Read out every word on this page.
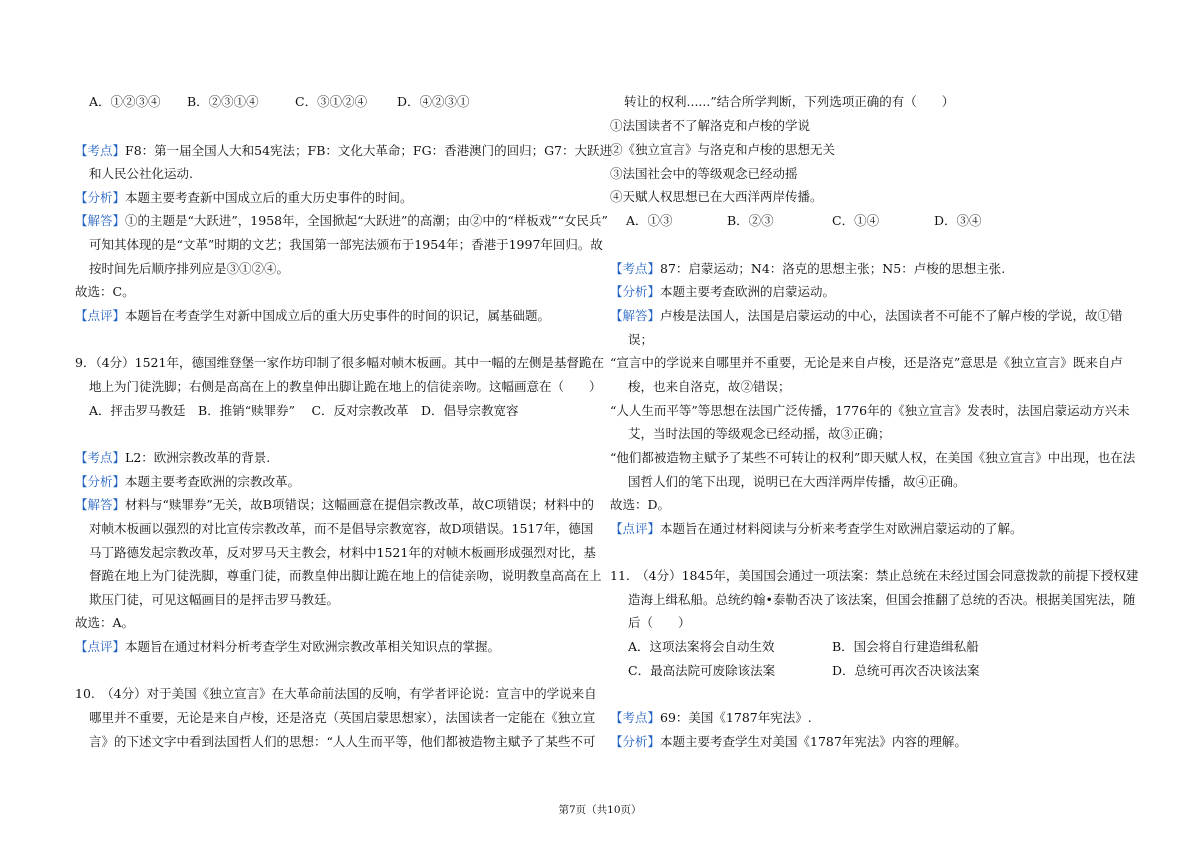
A．①②③④ B．②③①④	C．③①②④ D．④②③①
【考点】F8：第一届全国人大和54宪法；FB：文化大革命；FG：香港澳门的回归；G7：大跃进
和人民公社化运动.
【分析】本题主要考查新中国成立后的重大历史事件的时间。
【解答】①的主题是“大跃进”，1958年，全国掀起“大跃进”的高潮；由②中的“样板戏”“女民兵”
可知其体现的是“文革”时期的文艺；我国第一部宪法颁布于1954年；香港于1997年回归。故
按时间先后顺序排列应是③①②④。
故选：C。
【点评】本题旨在考查学生对新中国成立后的重大历史事件的时间的识记，属基础题。
9．（4分）1521年，德国维登堡一家作坊印制了很多幅对帧木板画。其中一幅的左侧是基督跪在
地上为门徒洗脚；右侧是高高在上的教皇伸出脚让跪在地上的信徒亲吻。这幅画意在（　　）
A．抨击罗马教廷　B．推销“赎罪券”　 C．反对宗教改革　D．倡导宗教宽容
【考点】L2：欧洲宗教改革的背景.
【分析】本题主要考查欧洲的宗教改革。
【解答】材料与“赎罪券”无关，故B项错误；这幅画意在提倡宗教改革，故C项错误；材料中的
对帧木板画以强烈的对比宣传宗教改革，而不是倡导宗教宽容，故D项错误。1517年，德国
马丁路德发起宗教改革，反对罗马天主教会，材料中1521年的对帧木板画形成强烈对比，基
督跪在地上为门徒洗脚，尊重门徒，而教皇伸出脚让跪在地上的信徒亲吻，说明教皇高高在上
欺压门徒，可见这幅画目的是抨击罗马教廷。
故选：A。
【点评】本题旨在通过材料分析考查学生对欧洲宗教改革相关知识点的掌握。
10.　（4分）对于美国《独立宣言》在大革命前法国的反响，有学者评论说：宣言中的学说来自
哪里并不重要，无论是来自卢梭，还是洛克（英国启蒙思想家），法国读者一定能在《独立宣
言》的下述文字中看到法国哲人们的思想：“人人生而平等，他们都被造物主赋予了某些不可
转让的权利......”结合所学判断，下列选项正确的有（　　）
①法国读者不了解洛克和卢梭的学说
②《独立宣言》与洛克和卢梭的思想无关
③法国社会中的等级观念已经动摇
④天赋人权思想已在大西洋两岸传播。
A．①③	B．②③	C．①④	D．③④
【考点】87：启蒙运动；N4：洛克的思想主张；N5：卢梭的思想主张.
【分析】本题主要考查欧洲的启蒙运动。
【解答】卢梭是法国人，法国是启蒙运动的中心，法国读者不可能不了解卢梭的学说，故①错
误；
“宣言中的学说来自哪里并不重要，无论是来自卢梭，还是洛克”意思是《独立宣言》既来自卢
梭，也来自洛克，故②错误；
“人人生而平等”等思想在法国广泛传播，1776年的《独立宣言》发表时，法国启蒙运动方兴未
艾，当时法国的等级观念已经动摇，故③正确；
“他们都被造物主赋予了某些不可转让的权利”即天赋人权，在美国《独立宣言》中出现，也在法
国哲人们的笔下出现，说明已在大西洋两岸传播，故④正确。
故选：D。
【点评】本题旨在通过材料阅读与分析来考查学生对欧洲启蒙运动的了解。
11.　（4分）1845年，美国国会通过一项法案：禁止总统在未经过国会同意拨款的前提下授权建
造海上缉私船。总统约翰•泰勒否决了该法案，但国会推翻了总统的否决。根据美国宪法，随
后（　　）
A．这项法案将会自动生效	B．国会将自行建造缉私船
C．最高法院可废除该法案	D．总统可再次否决该法案
【考点】69：美国《1787年宪法》.
【分析】本题主要考查学生对美国《1787年宪法》内容的理解。
第7页（共10页）
